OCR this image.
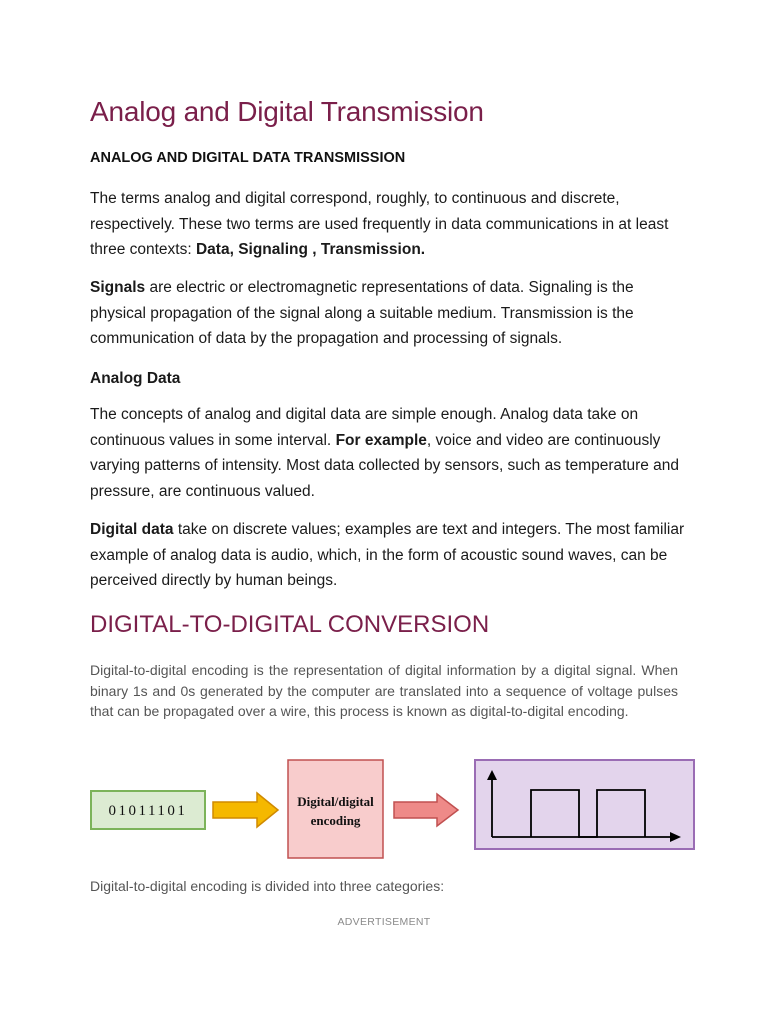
Analog and Digital Transmission
ANALOG AND DIGITAL DATA TRANSMISSION

The terms analog and digital correspond, roughly, to continuous and discrete, respectively. These two terms are used frequently in data communications in at least three contexts: Data, Signaling , Transmission.

Signals are electric or electromagnetic representations of data. Signaling is the physical propagation of the signal along a suitable medium. Transmission is the communication of data by the propagation and processing of signals.

Analog Data

The concepts of analog and digital data are simple enough. Analog data take on continuous values in some interval. For example, voice and video are continuously varying patterns of intensity. Most data collected by sensors, such as temperature and pressure, are continuous valued.

Digital data take on discrete values; examples are text and integers. The most familiar example of analog data is audio, which, in the form of acoustic sound waves, can be perceived directly by human beings.

DIGITAL-TO-DIGITAL CONVERSION

Digital-to-digital encoding is the representation of digital information by a digital signal. When binary 1s and 0s generated by the computer are translated into a sequence of voltage pulses that can be propagated over a wire, this process is known as digital-to-digital encoding.

01011101
Digital/digital
encoding

Digital-to-digital encoding is divided into three categories:

ADVERTISEMENT
